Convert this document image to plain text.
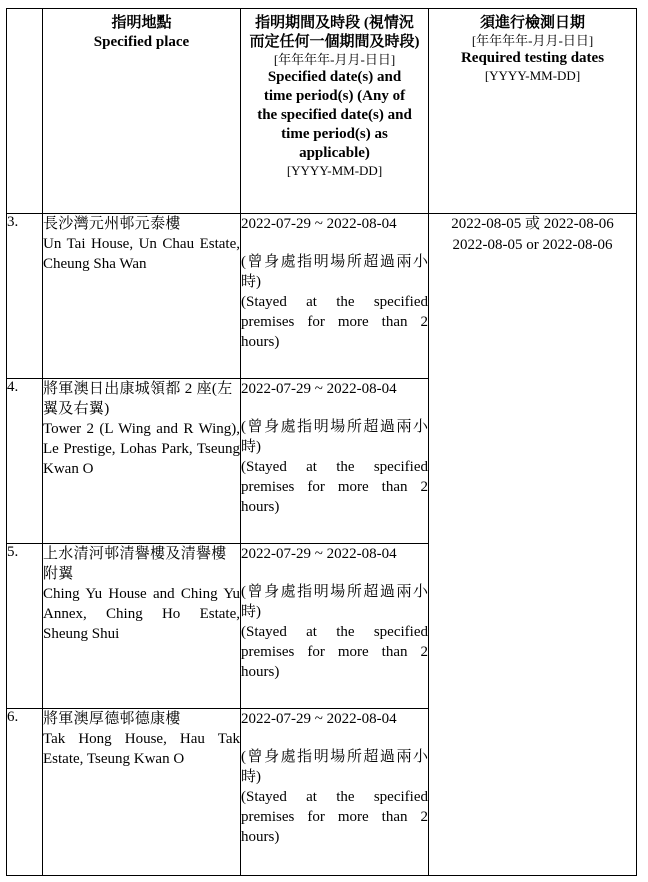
	指明地點
Specified place	指明期間及時段 (視情況而定任何一個期間及時段)
[年年年年-月月-日日]
Specified date(s) and time period(s) (Any of the specified date(s) and time period(s) as applicable)
[YYYY-MM-DD]	須進行檢測日期
[年年年年-月月-日日]
Required testing dates
[YYYY-MM-DD]

3.	長沙灣元州邨元泰樓
Un Tai House, Un Chau Estate, Cheung Sha Wan	2022-07-29 ~ 2022-08-04
(曾身處指明場所超過兩小時)
(Stayed at the specified premises for more than 2 hours)	2022-08-05 或 2022-08-06
2022-08-05 or 2022-08-06

4.	將軍澳日出康城領都 2 座(左翼及右翼)
Tower 2 (L Wing and R Wing), Le Prestige, Lohas Park, Tseung Kwan O	2022-07-29 ~ 2022-08-04
(曾身處指明場所超過兩小時)
(Stayed at the specified premises for more than 2 hours)	

5.	上水清河邨清譽樓及清譽樓附翼
Ching Yu House and Ching Yu Annex, Ching Ho Estate, Sheung Shui	2022-07-29 ~ 2022-08-04
(曾身處指明場所超過兩小時)
(Stayed at the specified premises for more than 2 hours)	

6.	將軍澳厚德邨德康樓
Tak Hong House, Hau Tak Estate, Tseung Kwan O	2022-07-29 ~ 2022-08-04
(曾身處指明場所超過兩小時)
(Stayed at the specified premises for more than 2 hours)	
